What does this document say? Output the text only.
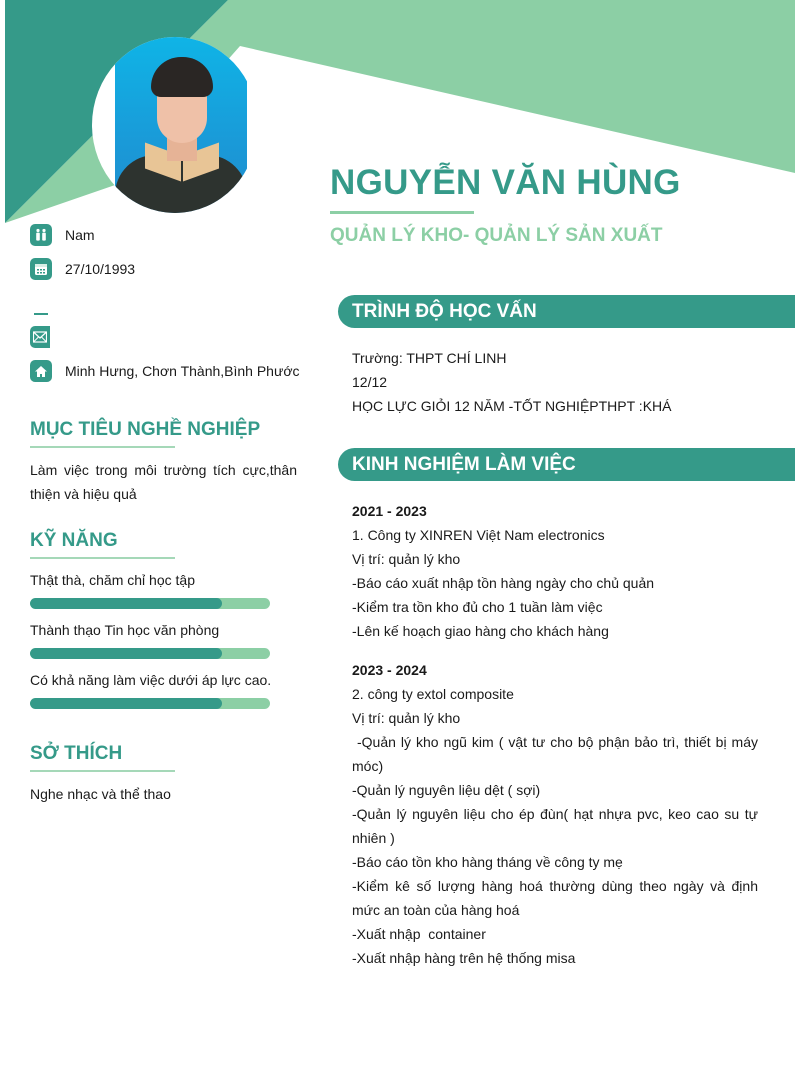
NGUYỄN VĂN HÙNG
QUẢN LÝ KHO- QUẢN LÝ SẢN XUẤT
Nam
27/10/1993
Minh Hưng, Chơn Thành,Bình Phước
MỤC TIÊU NGHỀ NGHIỆP
Làm việc trong môi trường tích cực,thân thiện và hiệu quả
KỸ NĂNG
Thật thà, chăm chỉ học tập
Thành thạo Tin học văn phòng
Có khả năng làm việc dưới áp lực cao.
SỞ THÍCH
Nghe nhạc và thể thao
TRÌNH ĐỘ HỌC VẤN
Trường: THPT CHÍ LINH
12/12
HỌC LỰC GIỎI 12 NĂM -TỐT NGHIỆPTHPT :KHÁ
KINH NGHIỆM LÀM VIỆC
2021 - 2023
1. Công ty XINREN Việt Nam electronics
Vị trí: quản lý kho
-Báo cáo xuất nhập tồn hàng ngày cho chủ quản
-Kiểm tra tồn kho đủ cho 1 tuần làm việc
-Lên kế hoạch giao hàng cho khách hàng
2023 - 2024
2. công ty extol composite
Vị trí: quản lý kho
-Quản lý kho ngũ kim ( vật tư cho bộ phận bảo trì, thiết bị máy móc)
-Quản lý nguyên liệu dệt ( sợi)
-Quản lý nguyên liệu cho ép đùn( hạt nhựa pvc, keo cao su tự nhiên )
-Báo cáo tồn kho hàng tháng về công ty mẹ
-Kiểm kê số lượng hàng hoá thường dùng theo ngày và định mức an toàn của hàng hoá
-Xuất nhập  container
-Xuất nhập hàng trên hệ thống misa
